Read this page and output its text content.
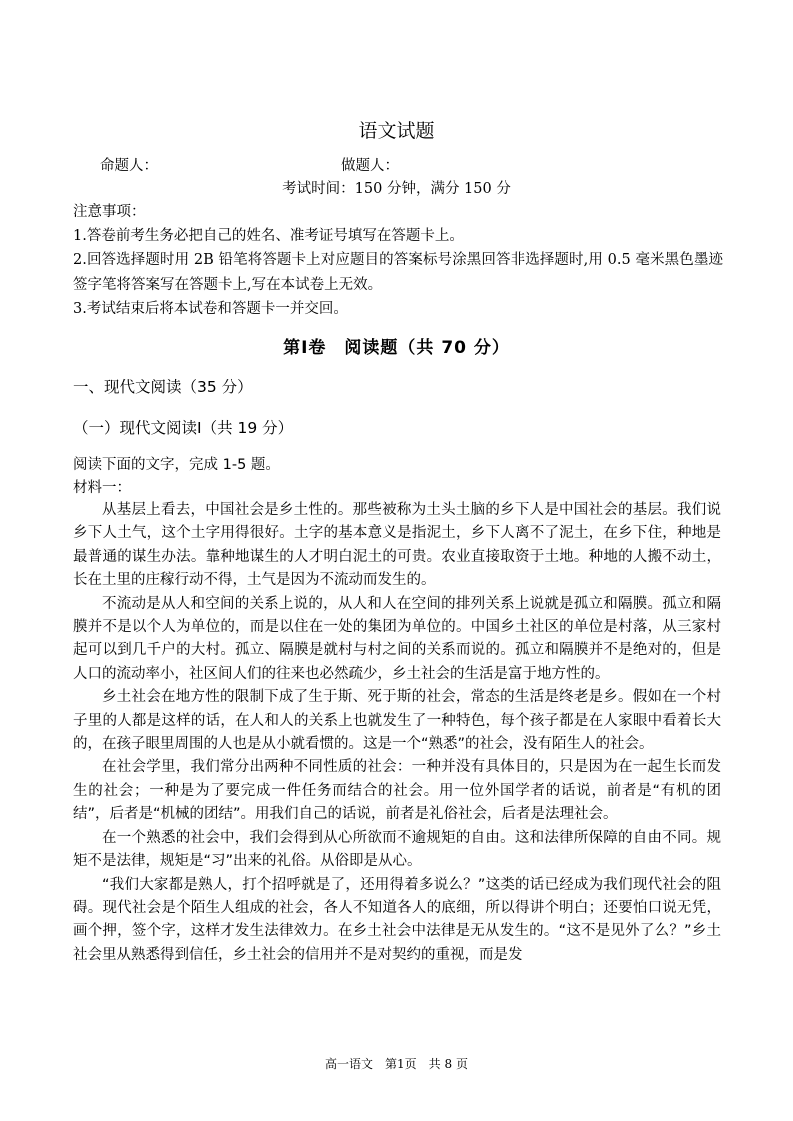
语文试题
命题人：	做题人：
考试时间：150 分钟，满分 150 分

注意事项：

1.答卷前考生务必把自己的姓名、准考证号填写在答题卡上。

2.回答选择题时用 2B 铅笔将答题卡上对应题目的答案标号涂黑回答非选择题时,用 0.5 毫米黑色墨迹签字笔将答案写在答题卡上,写在本试卷上无效。

3.考试结束后将本试卷和答题卡一并交回。

第Ⅰ卷　阅读题（共 70 分）
一、现代文阅读（35 分）
（一）现代文阅读Ⅰ（共 19 分）
阅读下面的文字，完成 1-5 题。
材料一：

从基层上看去，中国社会是乡土性的。那些被称为土头土脑的乡下人是中国社会的基层。我们说乡下人土气，这个土字用得很好。土字的基本意义是指泥土，乡下人离不了泥土，在乡下住，种地是最普通的谋生办法。靠种地谋生的人才明白泥土的可贵。农业直接取资于土地。种地的人搬不动土，长在土里的庄稼行动不得，土气是因为不流动而发生的。

不流动是从人和空间的关系上说的，从人和人在空间的排列关系上说就是孤立和隔膜。孤立和隔膜并不是以个人为单位的，而是以住在一处的集团为单位的。中国乡土社区的单位是村落，从三家村起可以到几千户的大村。孤立、隔膜是就村与村之间的关系而说的。孤立和隔膜并不是绝对的，但是人口的流动率小，社区间人们的往来也必然疏少，乡土社会的生活是富于地方性的。

乡土社会在地方性的限制下成了生于斯、死于斯的社会，常态的生活是终老是乡。假如在一个村子里的人都是这样的话，在人和人的关系上也就发生了一种特色，每个孩子都是在人家眼中看着长大的，在孩子眼里周围的人也是从小就看惯的。这是一个“熟悉”的社会，没有陌生人的社会。

在社会学里，我们常分出两种不同性质的社会：一种并没有具体目的，只是因为在一起生长而发生的社会；一种是为了要完成一件任务而结合的社会。用一位外国学者的话说，前者是“有机的团结”，后者是“机械的团结”。用我们自己的话说，前者是礼俗社会，后者是法理社会。

在一个熟悉的社会中，我们会得到从心所欲而不逾规矩的自由。这和法律所保障的自由不同。规矩不是法律，规矩是“习”出来的礼俗。从俗即是从心。

“我们大家都是熟人，打个招呼就是了，还用得着多说么？”这类的话已经成为我们现代社会的阻碍。现代社会是个陌生人组成的社会，各人不知道各人的底细，所以得讲个明白；还要怕口说无凭，画个押，签个字，这样才发生法律效力。在乡土社会中法律是无从发生的。“这不是见外了么？”乡土社会里从熟悉得到信任，乡土社会的信用并不是对契约的重视，而是发

高一语文　第1页　共 8 页
